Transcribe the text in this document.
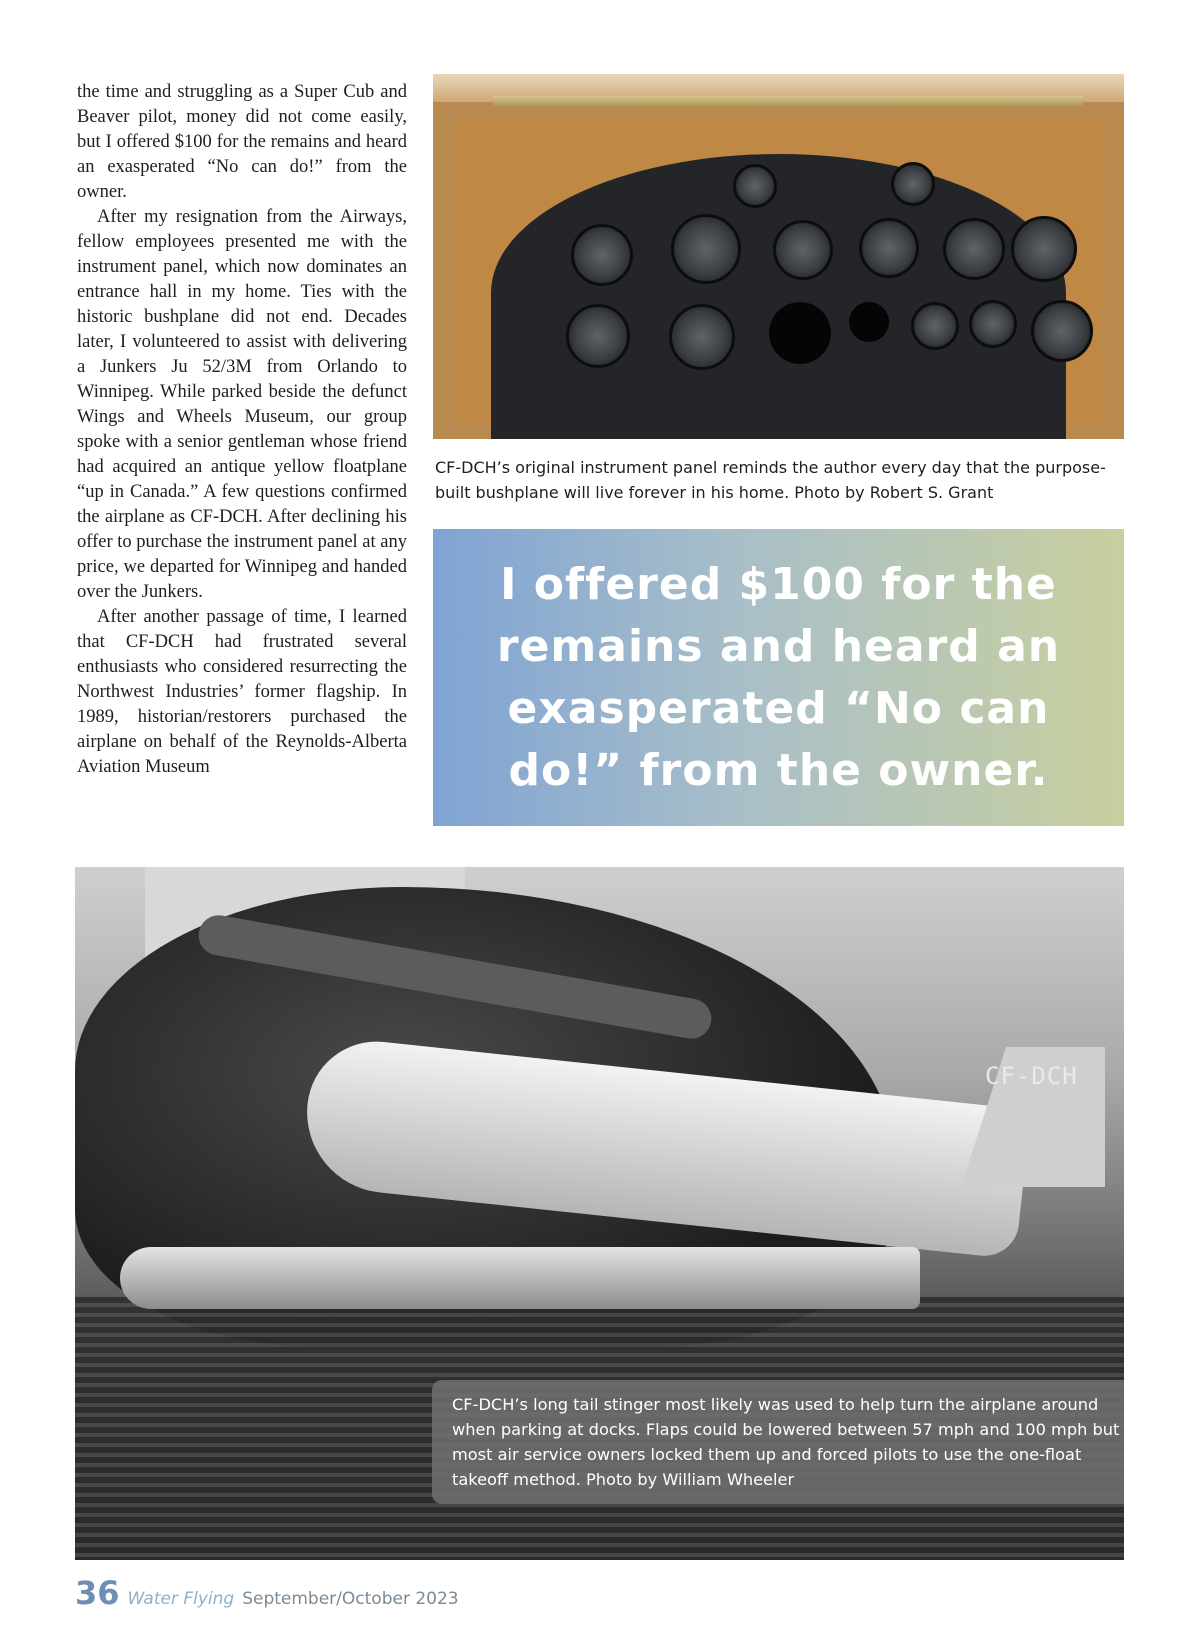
the time and struggling as a Super Cub and Beaver pilot, money did not come easily, but I offered $100 for the remains and heard an exasperated “No can do!” from the owner.

After my resignation from the Airways, fellow employees presented me with the instrument panel, which now dominates an entrance hall in my home. Ties with the historic bushplane did not end. Decades later, I volunteered to assist with delivering a Junkers Ju 52/3M from Orlando to Winnipeg. While parked beside the defunct Wings and Wheels Museum, our group spoke with a senior gentleman whose friend had acquired an antique yellow floatplane “up in Canada.” A few questions confirmed the airplane as CF-DCH. After declining his offer to purchase the instrument panel at any price, we departed for Winnipeg and handed over the Junkers.

After another passage of time, I learned that CF-DCH had frustrated several enthusiasts who considered resurrecting the Northwest Industries’ former flagship. In 1989, historian/restorers purchased the airplane on behalf of the Reynolds-Alberta Aviation Museum

CF-DCH’s original instrument panel reminds the author every day that the purpose-built bushplane will live forever in his home. Photo by Robert S. Grant
I offered $100 for the remains and heard an exasperated “No can do!” from the owner.
CF-DCH
CF-DCH’s long tail stinger most likely was used to help turn the airplane around when parking at docks. Flaps could be lowered between 57 mph and 100 mph but most air service owners locked them up and forced pilots to use the one-float takeoff method. Photo by William Wheeler
36 Water Flying September/October 2023
